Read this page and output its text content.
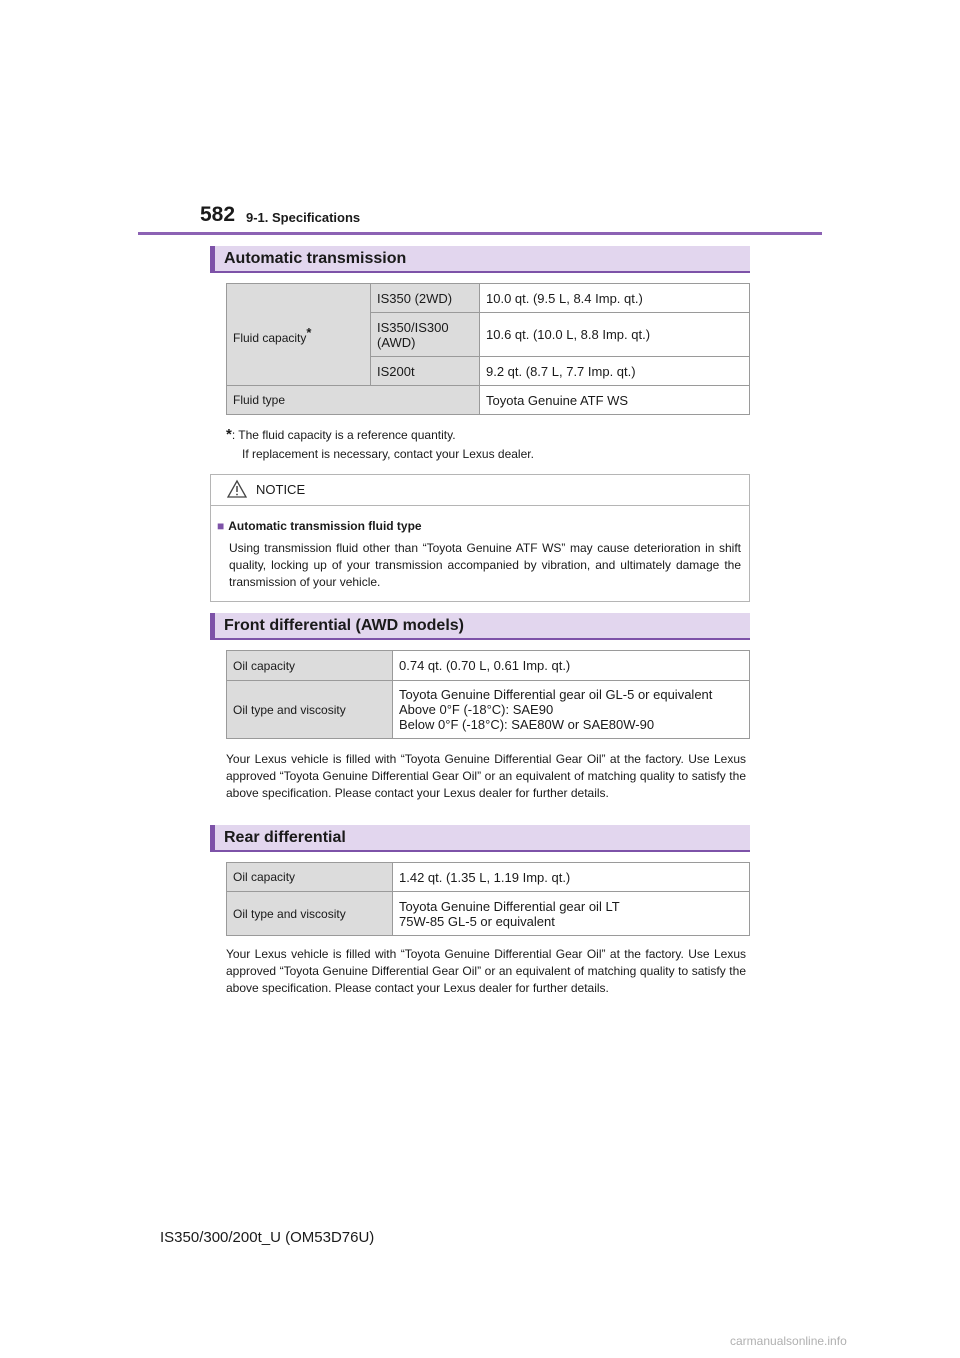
582 9-1. Specifications
Automatic transmission
Fluid capacity*	IS350 (2WD)	10.0 qt. (9.5 L, 8.4 Imp. qt.)
	IS350/IS300
(AWD)	10.6 qt. (10.0 L, 8.8 Imp. qt.)
	IS200t	9.2 qt. (8.7 L, 7.7 Imp. qt.)
Fluid type		Toyota Genuine ATF WS
*: The fluid capacity is a reference quantity.
If replacement is necessary, contact your Lexus dealer.
NOTICE
■ Automatic transmission fluid type
Using transmission fluid other than “Toyota Genuine ATF WS” may cause deterioration in shift quality, locking up of your transmission accompanied by vibration, and ultimately damage the transmission of your vehicle.
Front differential (AWD models)
Oil capacity	0.74 qt. (0.70 L, 0.61 Imp. qt.)
Oil type and viscosity	Toyota Genuine Differential gear oil GL-5 or equivalent
Above 0°F (-18°C): SAE90
Below 0°F (-18°C): SAE80W or SAE80W-90
Your Lexus vehicle is filled with “Toyota Genuine Differential Gear Oil” at the factory. Use Lexus approved “Toyota Genuine Differential Gear Oil” or an equivalent of matching quality to satisfy the above specification. Please contact your Lexus dealer for further details.
Rear differential
Oil capacity	1.42 qt. (1.35 L, 1.19 Imp. qt.)
Oil type and viscosity	Toyota Genuine Differential gear oil LT
75W-85 GL-5 or equivalent
Your Lexus vehicle is filled with “Toyota Genuine Differential Gear Oil” at the factory. Use Lexus approved “Toyota Genuine Differential Gear Oil” or an equivalent of matching quality to satisfy the above specification. Please contact your Lexus dealer for further details.
IS350/300/200t_U (OM53D76U)
carmanualsonline.info
